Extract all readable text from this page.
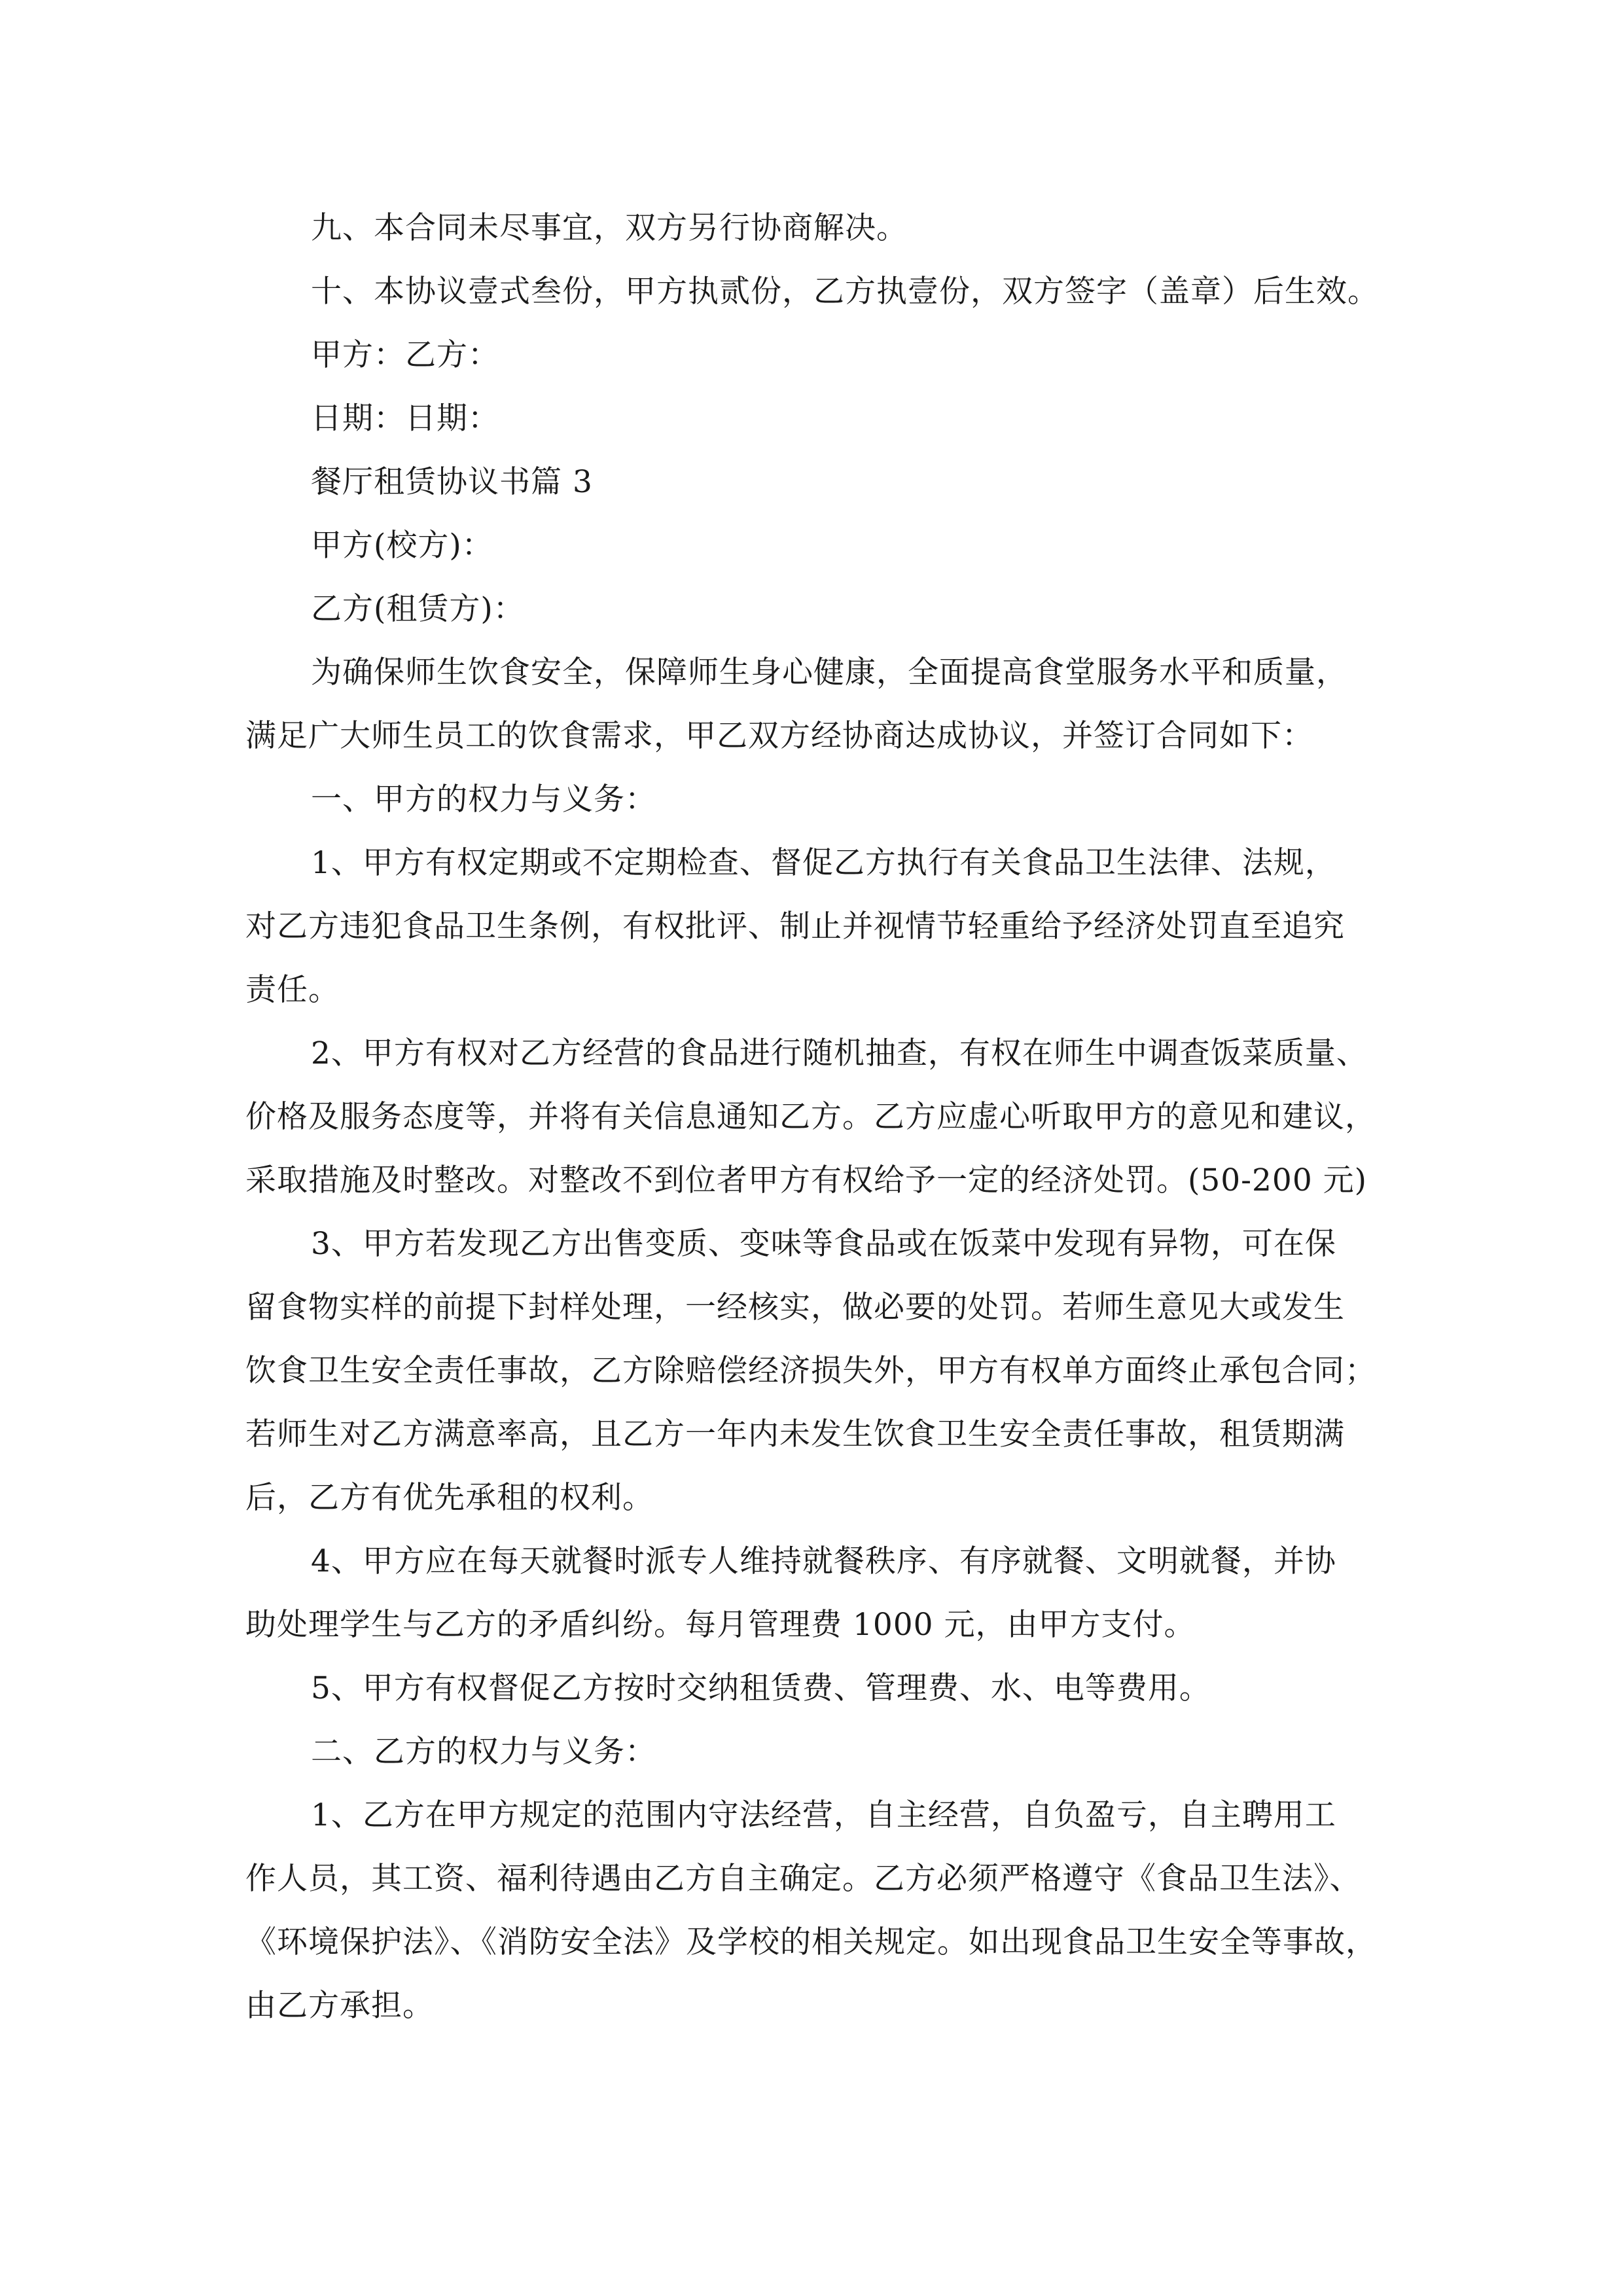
九、本合同未尽事宜，双方另行协商解决。

十、本协议壹式叁份，甲方执贰份，乙方执壹份，双方签字（盖章）后生效。

甲方：乙方：

日期：日期：

餐厅租赁协议书篇 3

甲方(校方)：

乙方(租赁方)：

为确保师生饮食安全，保障师生身心健康，全面提高食堂服务水平和质量，
满足广大师生员工的饮食需求，甲乙双方经协商达成协议，并签订合同如下：

一、甲方的权力与义务：

1、甲方有权定期或不定期检查、督促乙方执行有关食品卫生法律、法规，
对乙方违犯食品卫生条例，有权批评、制止并视情节轻重给予经济处罚直至追究
责任。

2、甲方有权对乙方经营的食品进行随机抽查，有权在师生中调查饭菜质量、
价格及服务态度等，并将有关信息通知乙方。乙方应虚心听取甲方的意见和建议，
采取措施及时整改。对整改不到位者甲方有权给予一定的经济处罚。(50-200 元)

3、甲方若发现乙方出售变质、变味等食品或在饭菜中发现有异物，可在保
留食物实样的前提下封样处理，一经核实，做必要的处罚。若师生意见大或发生
饮食卫生安全责任事故，乙方除赔偿经济损失外，甲方有权单方面终止承包合同；
若师生对乙方满意率高，且乙方一年内未发生饮食卫生安全责任事故，租赁期满
后，乙方有优先承租的权利。

4、甲方应在每天就餐时派专人维持就餐秩序、有序就餐、文明就餐，并协
助处理学生与乙方的矛盾纠纷。每月管理费 1000 元，由甲方支付。

5、甲方有权督促乙方按时交纳租赁费、管理费、水、电等费用。

二、乙方的权力与义务：

1、乙方在甲方规定的范围内守法经营，自主经营，自负盈亏，自主聘用工
作人员，其工资、福利待遇由乙方自主确定。乙方必须严格遵守《食品卫生法》、
《环境保护法》、《消防安全法》及学校的相关规定。如出现食品卫生安全等事故，
由乙方承担。
